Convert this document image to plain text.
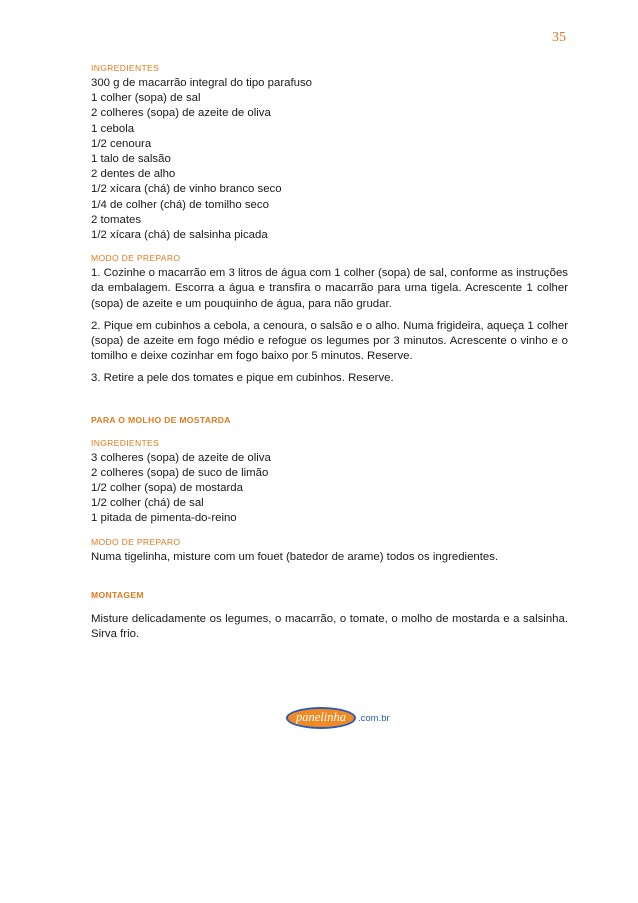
35
INGREDIENTES
300 g de macarrão integral do tipo parafuso
1 colher (sopa) de sal
2 colheres (sopa) de azeite de oliva
1 cebola
1/2 cenoura
1 talo de salsão
2 dentes de alho
1/2 xícara (chá) de vinho branco seco
1/4 de colher (chá) de tomilho seco
2 tomates
1/2 xícara (chá) de salsinha picada
MODO DE PREPARO

1. Cozinhe o macarrão em 3 litros de água com 1 colher (sopa) de sal, conforme as instruções da embalagem. Escorra a água e transfira o macarrão para uma tigela. Acrescente 1 colher (sopa) de azeite e um pouquinho de água, para não grudar.

2. Pique em cubinhos a cebola, a cenoura, o salsão e o alho. Numa frigideira, aqueça 1 colher (sopa) de azeite em fogo médio e refogue os legumes por 3 minutos. Acrescente o vinho e o tomilho e deixe cozinhar em fogo baixo por 5 minutos. Reserve.

3. Retire a pele dos tomates e pique em cubinhos. Reserve.

PARA O MOLHO DE MOSTARDA
INGREDIENTES
3 colheres (sopa) de azeite de oliva
2 colheres (sopa) de suco de limão
1/2 colher (sopa) de mostarda
1/2 colher (chá) de sal
1 pitada de pimenta-do-reino
MODO DE PREPARO

Numa tigelinha, misture com um fouet (batedor de arame) todos os ingredientes.

MONTAGEM

Misture delicadamente os legumes, o macarrão, o tomate, o molho de mostarda e a salsinha. Sirva frio.

panelinha	.com.br
